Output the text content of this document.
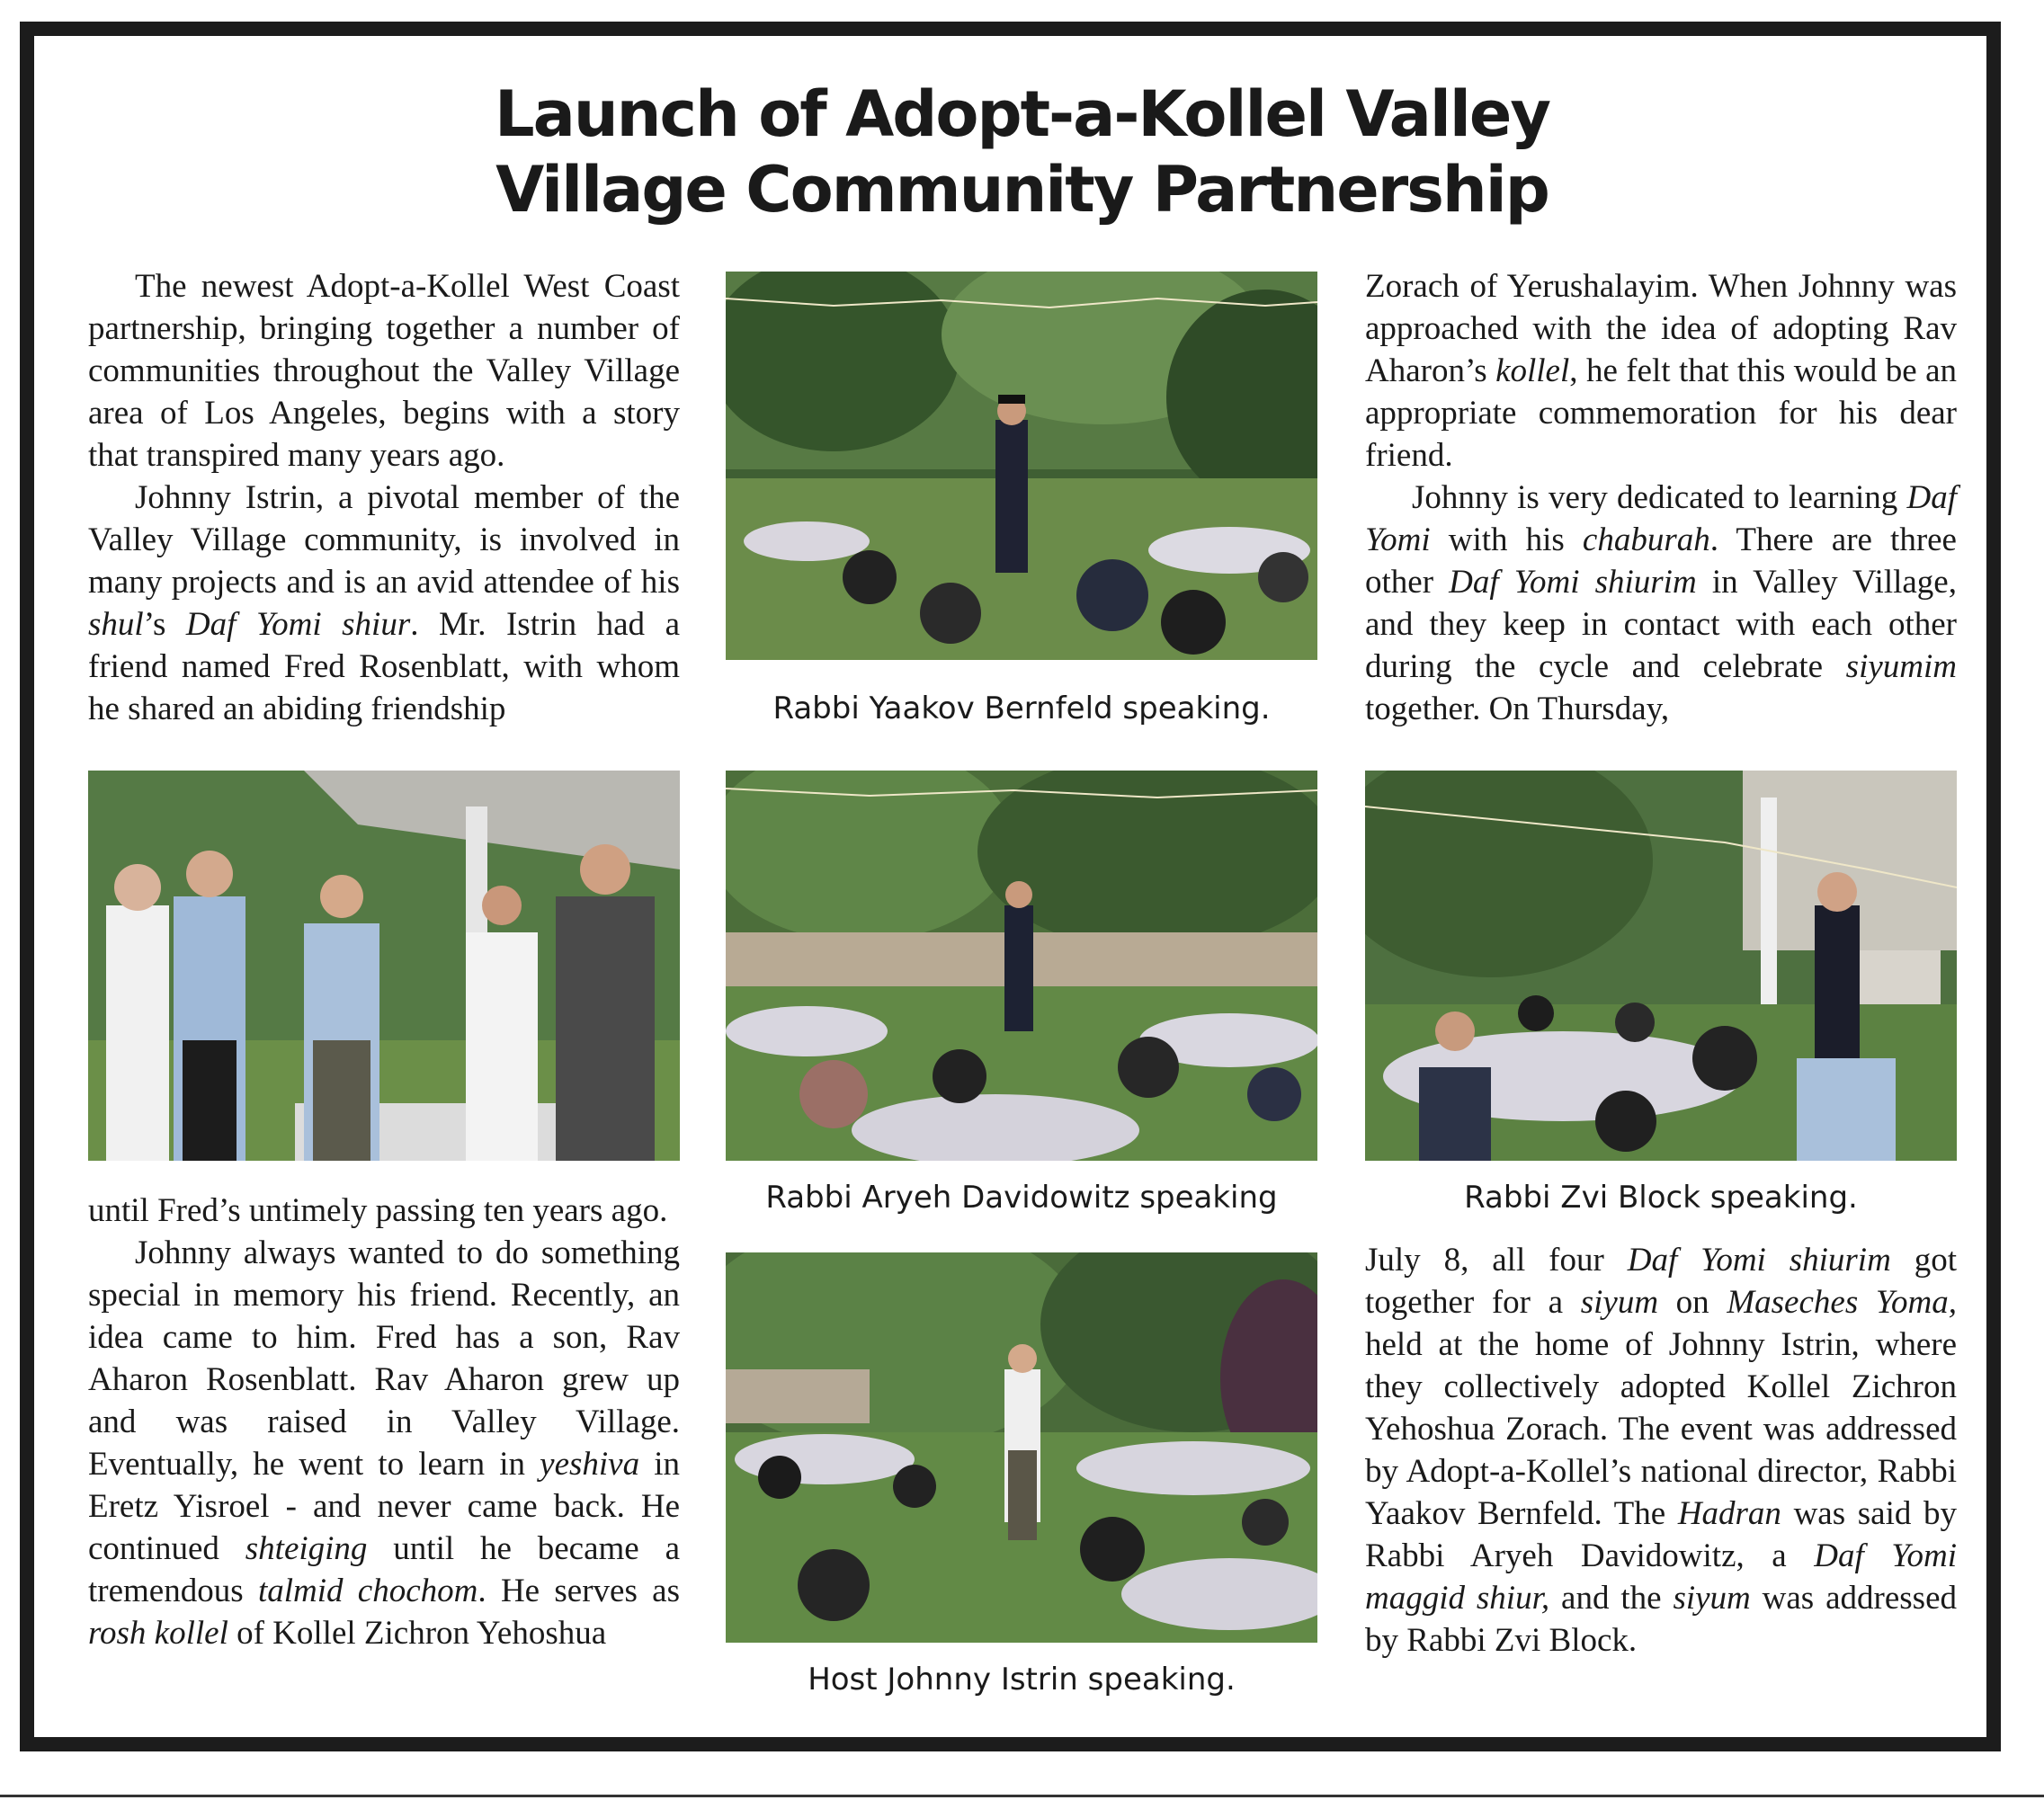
Launch of Adopt-a-Kollel Valley
Village Community Partnership

The newest Adopt-a-Kollel West Coast partnership, bringing together a number of communities throughout the Valley Village area of Los Angeles, begins with a story that transpired many years ago.

Johnny Istrin, a pivotal member of the Valley Village community, is involved in many projects and is an avid attendee of his shul’s Daf Yomi shiur. Mr. Istrin had a friend named Fred Rosenblatt, with whom he shared an abiding friendship

until Fred’s untimely passing ten years ago.

Johnny always wanted to do something special in memory his friend. Recently, an idea came to him. Fred has a son, Rav Aharon Rosenblatt. Rav Aharon grew up and was raised in Valley Village. Eventually, he went to learn in yeshiva in Eretz Yisroel - and never came back. He continued shteiging until he became a tremendous talmid chochom. He serves as rosh kollel of Kollel Zichron Yehoshua

Zorach of Yerushalayim. When Johnny was approached with the idea of adopting Rav Aharon’s kollel, he felt that this would be an appropriate commemoration for his dear friend.

Johnny is very dedicated to learning Daf Yomi with his chaburah. There are three other Daf Yomi shiurim in Valley Village, and they keep in contact with each other during the cycle and celebrate siyumim together. On Thursday,

July 8, all four Daf Yomi shiurim got together for a siyum on Maseches Yoma, held at the home of Johnny Istrin, where they collectively adopted Kollel Zichron Yehoshua Zorach. The event was addressed by Adopt-a-Kollel’s national director, Rabbi Yaakov Bernfeld. The Hadran was said by Rabbi Aryeh Davidowitz, a Daf Yomi maggid shiur, and the siyum was addressed by Rabbi Zvi Block.

Rabbi Yaakov Bernfeld speaking.
Rabbi Aryeh Davidowitz speaking	Rabbi Zvi Block speaking.
Host Johnny Istrin speaking.
